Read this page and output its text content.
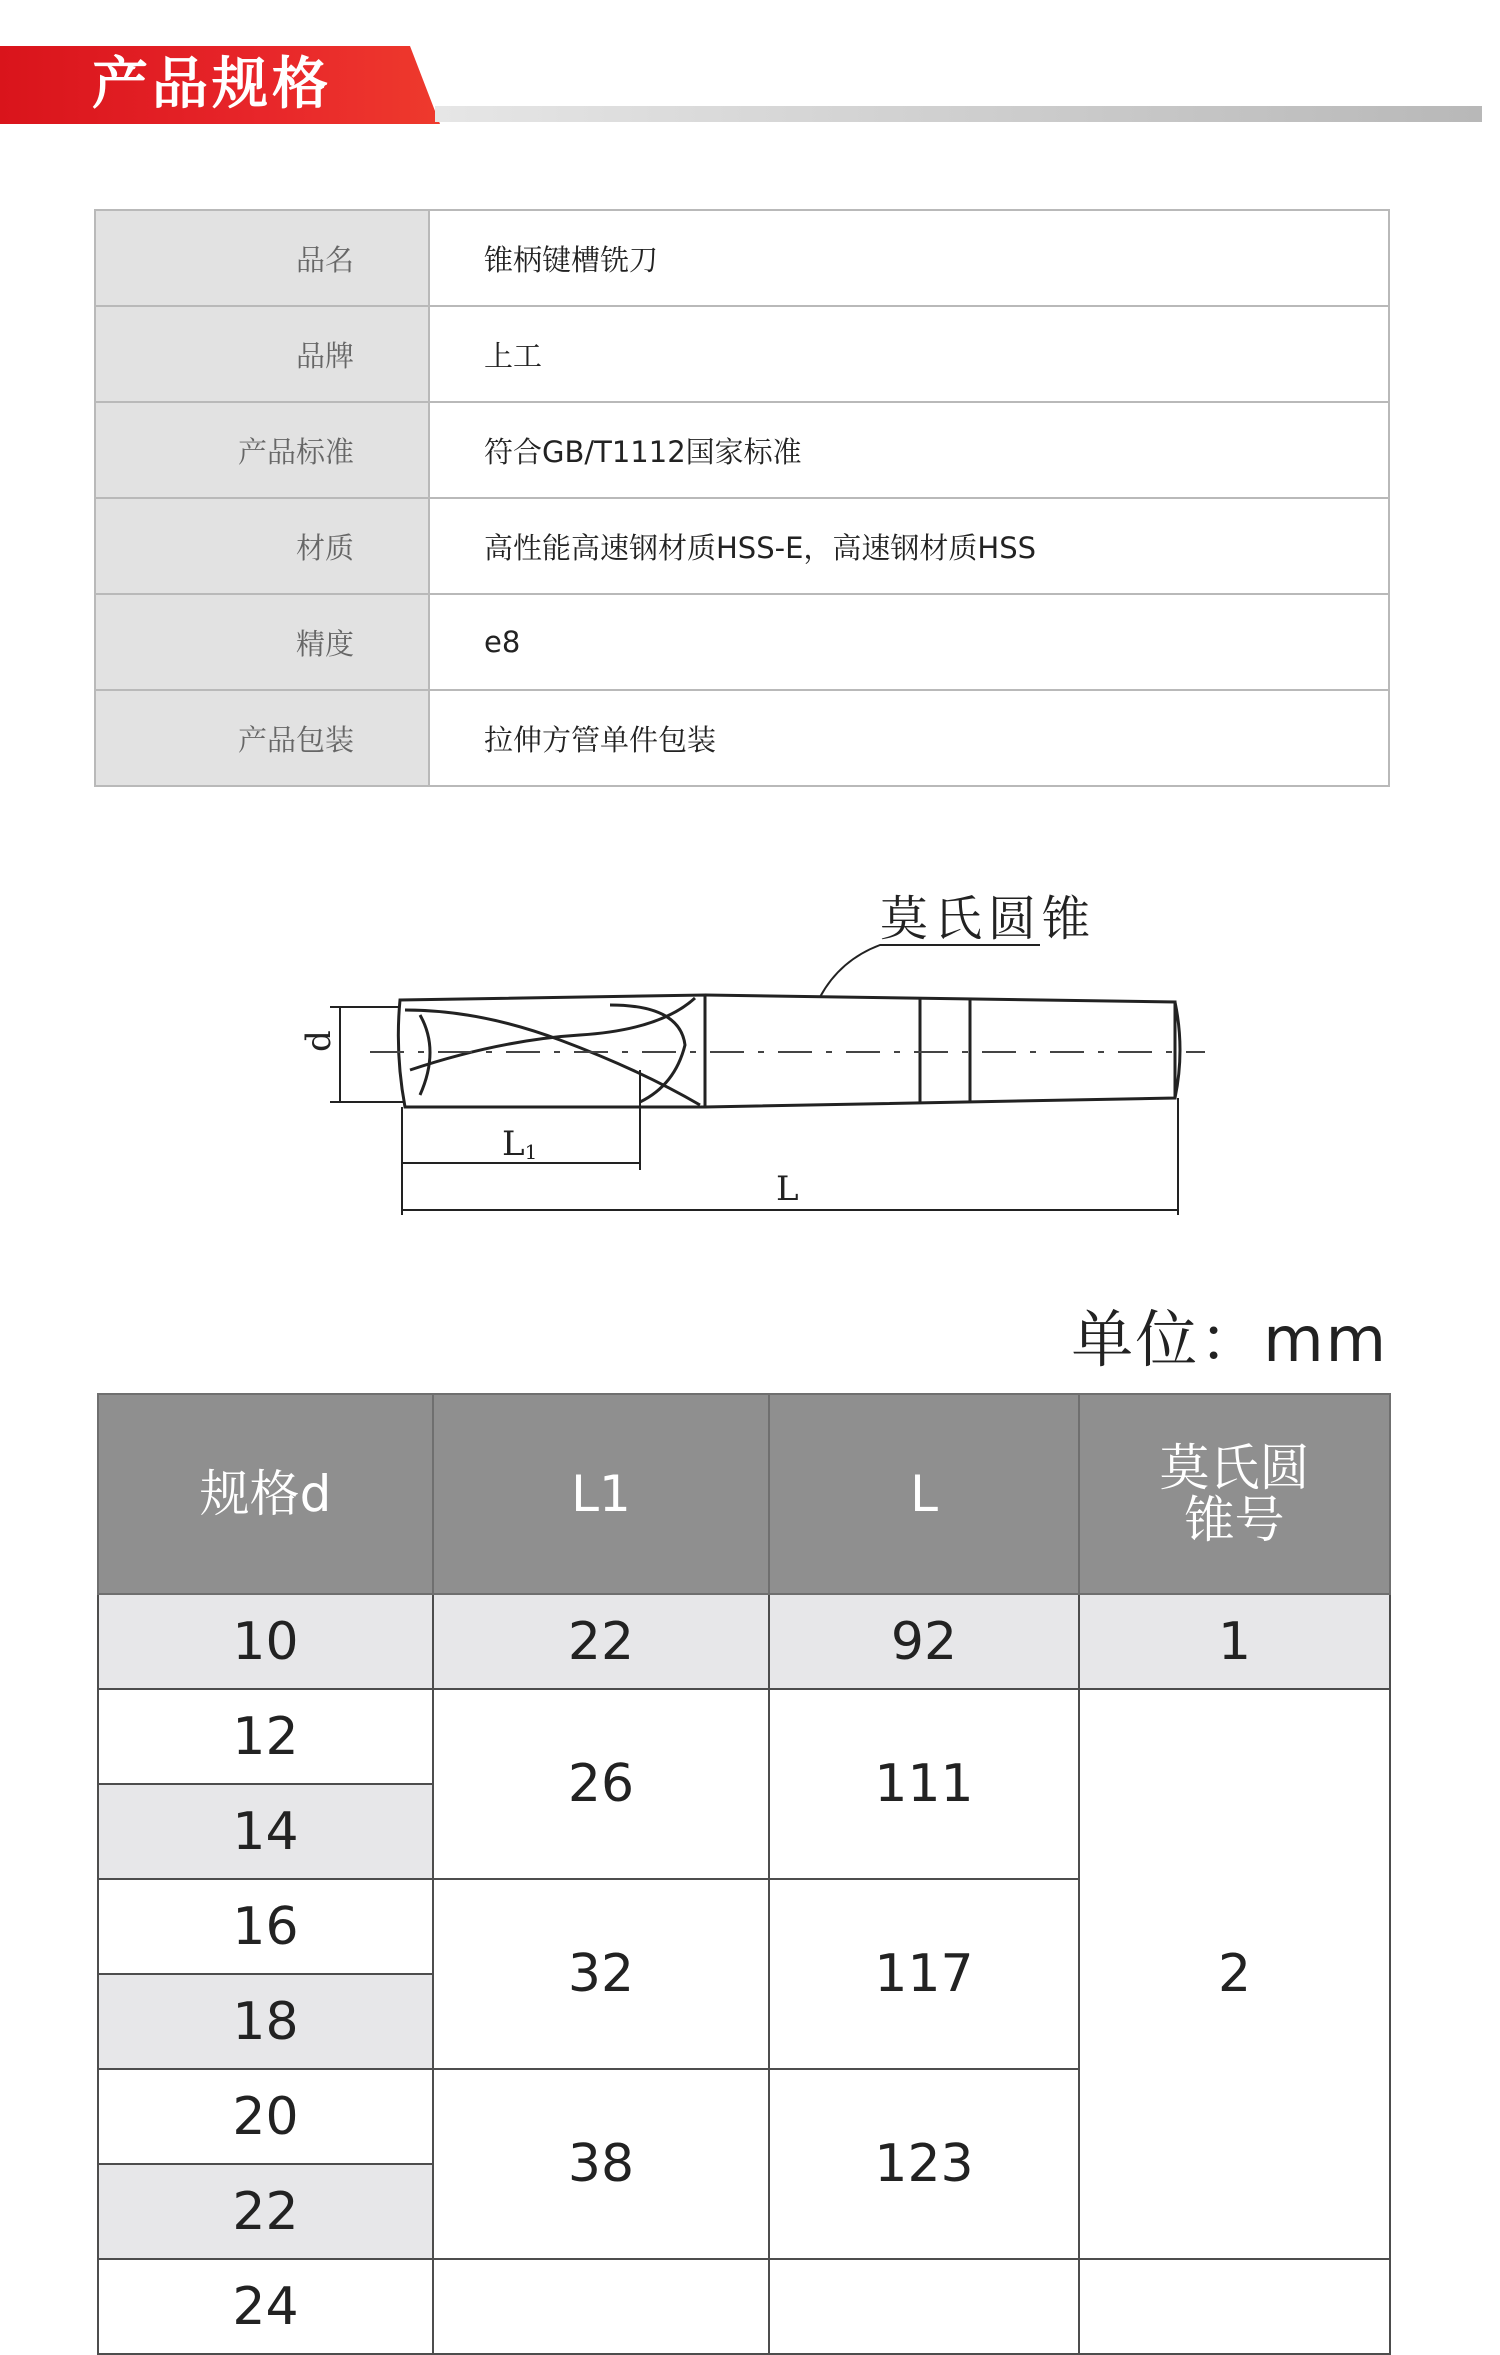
产品规格
品名	锥柄键槽铣刀
品牌	上工
产品标准	符合GB/T1112国家标准
材质	高性能高速钢材质HSS-E，高速钢材质HSS
精度	e8
产品包装	拉伸方管单件包装
d
L1
L
莫氏圆锥
单位：mm
规格d	L1	L	莫氏圆
锥号
10	22	92	1
12	26	111	2
14			
16	32	117	
18			
20	38	123	
22			
24			
